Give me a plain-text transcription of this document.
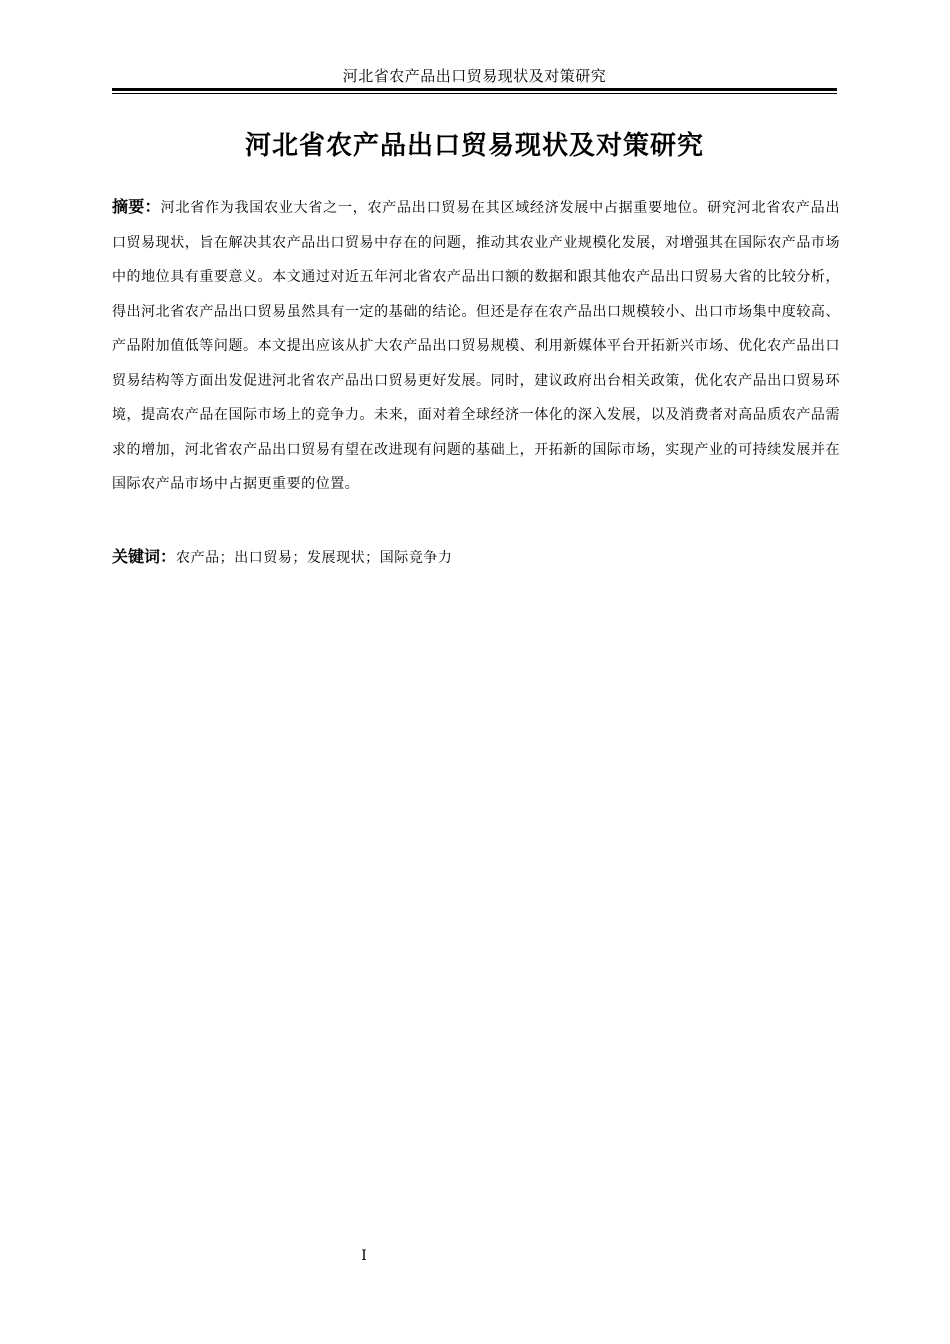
河北省农产品出口贸易现状及对策研究
河北省农产品出口贸易现状及对策研究
摘要：河北省作为我国农业大省之一，农产品出口贸易在其区域经济发展中占据重要地位。研究河北省农产品出口贸易现状，旨在解决其农产品出口贸易中存在的问题，推动其农业产业规模化发展，对增强其在国际农产品市场中的地位具有重要意义。本文通过对近五年河北省农产品出口额的数据和跟其他农产品出口贸易大省的比较分析，得出河北省农产品出口贸易虽然具有一定的基础的结论。但还是存在农产品出口规模较小、出口市场集中度较高、产品附加值低等问题。本文提出应该从扩大农产品出口贸易规模、利用新媒体平台开拓新兴市场、优化农产品出口贸易结构等方面出发促进河北省农产品出口贸易更好发展。同时，建议政府出台相关政策，优化农产品出口贸易环境，提高农产品在国际市场上的竞争力。未来，面对着全球经济一体化的深入发展，以及消费者对高品质农产品需求的增加，河北省农产品出口贸易有望在改进现有问题的基础上，开拓新的国际市场，实现产业的可持续发展并在国际农产品市场中占据更重要的位置。
关键词：农产品；出口贸易；发展现状；国际竞争力
I
